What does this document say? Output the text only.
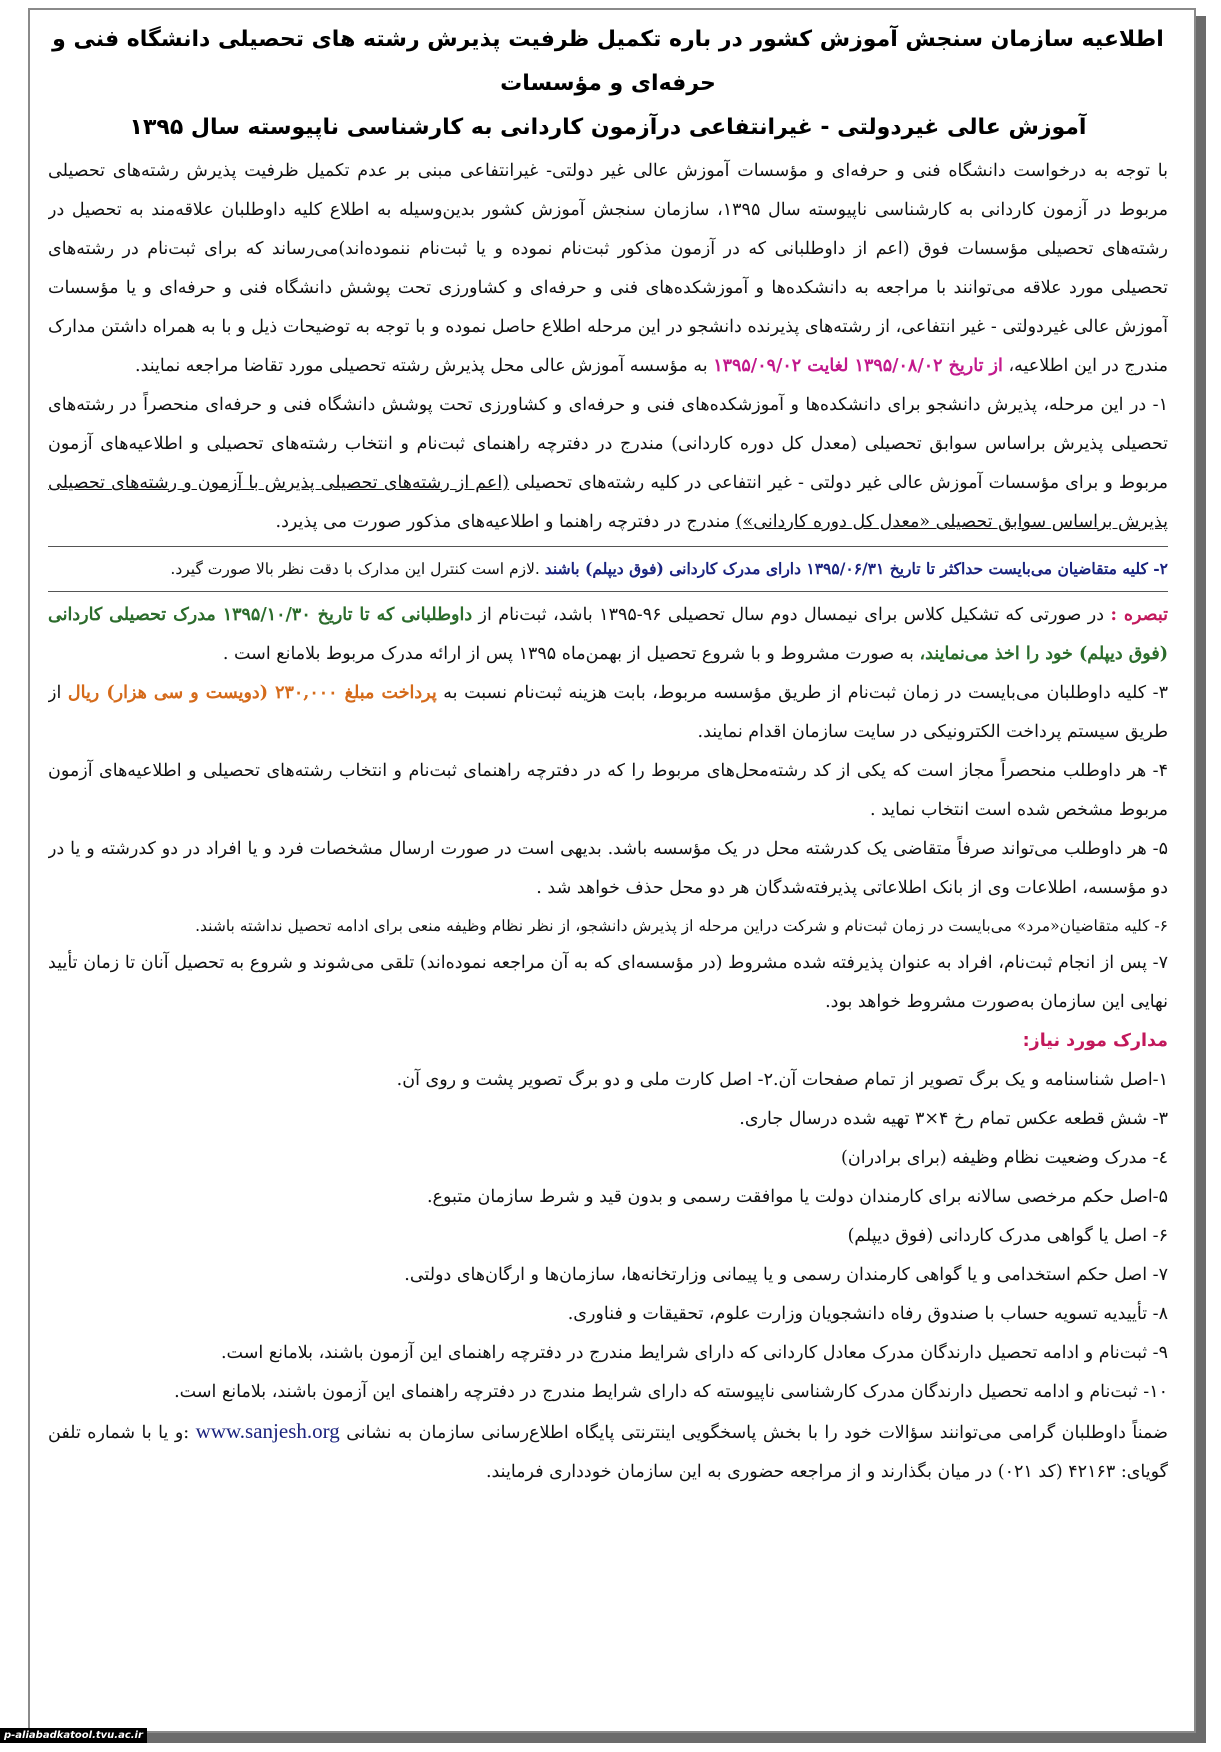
اطلاعیه سازمان سنجش آموزش کشور در باره تکمیل ظرفیت پذیرش رشته های تحصیلی دانشگاه فنی و حرفه‌ای و مؤسسات
آموزش عالی غیردولتی - غیرانتفاعی درآزمون کاردانی به کارشناسی ناپیوسته سال ۱۳۹۵

با توجه به درخواست دانشگاه فنی و حرفه‌ای و مؤسسات آموزش عالی غیر دولتی- غیرانتفاعی مبنی بر عدم تکمیل ظرفیت پذیرش رشته‌های تحصیلی مربوط در آزمون کاردانی به کارشناسی ناپیوسته سال ۱۳۹۵، سازمان سنجش آموزش کشور بدین‌وسیله به اطلاع کلیه داوطلبان علاقه‌مند به تحصیل در رشته‌های تحصیلی مؤسسات فوق (اعم از داوطلبانی که در آزمون مذکور ثبت‌نام نموده و یا ثبت‌نام ننموده‌اند)می‌رساند که برای ثبت‌نام در رشته‌های تحصیلی مورد علاقه می‌توانند با مراجعه به دانشکده‌ها و آموزشکده‌های فنی و حرفه‌ای و کشاورزی تحت پوشش دانشگاه فنی و حرفه‌ای و یا مؤسسات آموزش عالی غیردولتی - غیر انتفاعی، از رشته‌های پذیرنده دانشجو در این مرحله اطلاع حاصل نموده و با توجه به توضیحات ذیل و با به همراه داشتن مدارک مندرج در این اطلاعیه، از تاریخ ۱۳۹۵/۰۸/۰۲ لغایت ۱۳۹۵/۰۹/۰۲ به مؤسسه آموزش عالی محل پذیرش رشته تحصیلی مورد تقاضا مراجعه نمایند.

۱- در این مرحله، پذیرش دانشجو برای دانشکده‌ها و آموزشکده‌های فنی و حرفه‌ای و کشاورزی تحت پوشش دانشگاه فنی و حرفه‌ای منحصراً در رشته‌های تحصیلی پذیرش براساس سوابق تحصیلی (معدل کل دوره کاردانی) مندرج در دفترچه راهنمای ثبت‌نام و انتخاب رشته‌های تحصیلی و اطلاعیه‌های آزمون مربوط و برای مؤسسات آموزش عالی غیر دولتی - غیر انتفاعی در کلیه رشته‌های تحصیلی (اعم از رشته‌های تحصیلی پذیرش با آزمون و رشته‌های تحصیلی پذیرش براساس سوابق تحصیلی «معدل کل دوره کاردانی») مندرج در دفترچه راهنما و اطلاعیه‌های مذکور صورت می پذیرد.

۲- کلیه متقاضیان می‌بایست حداکثر تا تاریخ ۱۳۹۵/۰۶/۳۱ دارای مدرک کاردانی (فوق دیپلم) باشند .لازم است کنترل این مدارک با دقت نظر بالا صورت گیرد.

تبصره : در صورتی که تشکیل کلاس برای نیمسال دوم سال تحصیلی ۹۶-۱۳۹۵ باشد، ثبت‌نام از داوطلبانی که تا تاریخ ۱۳۹۵/۱۰/۳۰ مدرک تحصیلی کاردانی (فوق دیپلم) خود را اخذ می‌نمایند، به صورت مشروط و با شروع تحصیل از بهمن‌ماه ۱۳۹۵ پس از ارائه مدرک مربوط بلامانع است .

۳- کلیه داوطلبان می‌بایست در زمان ثبت‌نام از طریق مؤسسه مربوط، بابت هزینه ثبت‌نام نسبت به پرداخت مبلغ ۲۳۰,۰۰۰ (دویست و سی هزار) ریال از طریق سیستم پرداخت الکترونیکی در سایت سازمان اقدام نمایند.

۴- هر داوطلب منحصراً مجاز است که یکی از کد رشته‌محل‌های مربوط را که در دفترچه راهنمای ثبت‌نام و انتخاب رشته‌های تحصیلی و اطلاعیه‌های آزمون مربوط مشخص شده است انتخاب نماید .

۵- هر داوطلب می‌تواند صرفاً متقاضی یک کدرشته محل در یک مؤسسه باشد. بدیهی است در صورت ارسال مشخصات فرد و یا افراد در دو کدرشته و یا در دو مؤسسه، اطلاعات وی از بانک اطلاعاتی پذیرفته‌شدگان هر دو محل حذف خواهد شد .

۶- کلیه متقاضیان«مرد» می‌بایست در زمان ثبت‌نام و شرکت دراین مرحله از پذیرش دانشجو، از نظر نظام وظیفه منعی برای ادامه تحصیل نداشته باشند.

۷- پس از انجام ثبت‌نام، افراد به عنوان پذیرفته شده مشروط (در مؤسسه‌ای که به آن مراجعه نموده‌اند) تلقی می‌شوند و شروع به تحصیل آنان تا زمان تأیید نهایی این سازمان به‌صورت مشروط خواهد بود.

مدارک مورد نیاز:

۱-اصل شناسنامه و یک برگ تصویر از تمام صفحات آن.۲- اصل کارت ملی و دو برگ تصویر پشت و روی آن.

۳- شش قطعه عکس تمام رخ ۴×۳ تهیه شده درسال جاری.

٤- مدرک وضعیت نظام وظیفه (برای برادران)

۵-اصل حکم مرخصی سالانه برای کارمندان دولت یا موافقت رسمی و بدون قید و شرط سازمان متبوع.

۶- اصل یا گواهی مدرک کاردانی (فوق دیپلم)

۷- اصل حکم استخدامی و یا گواهی کارمندان رسمی و یا پیمانی وزارتخانه‌ها، سازمان‌ها و ارگان‌های دولتی.

۸- تأییدیه تسویه حساب با صندوق رفاه دانشجویان وزارت علوم، تحقیقات و فناوری.

۹- ثبت‌نام و ادامه تحصیل دارندگان مدرک معادل کاردانی که دارای شرایط مندرج در دفترچه راهنمای این آزمون باشند، بلامانع است.

۱۰- ثبت‌نام و ادامه تحصیل دارندگان مدرک کارشناسی ناپیوسته که دارای شرایط مندرج در دفترچه راهنمای این آزمون باشند، بلامانع است.

ضمناً داوطلبان گرامی می‌توانند سؤالات خود را با بخش پاسخگویی اینترنتی پایگاه اطلاع‌رسانی سازمان به نشانی www.sanjesh.org :و یا با شماره تلفن گویای: ۴۲۱۶۳ (کد ۰۲۱) در میان بگذارند و از مراجعه حضوری به این سازمان خودداری فرمایند.

p-aliabadkatool.tvu.ac.ir
